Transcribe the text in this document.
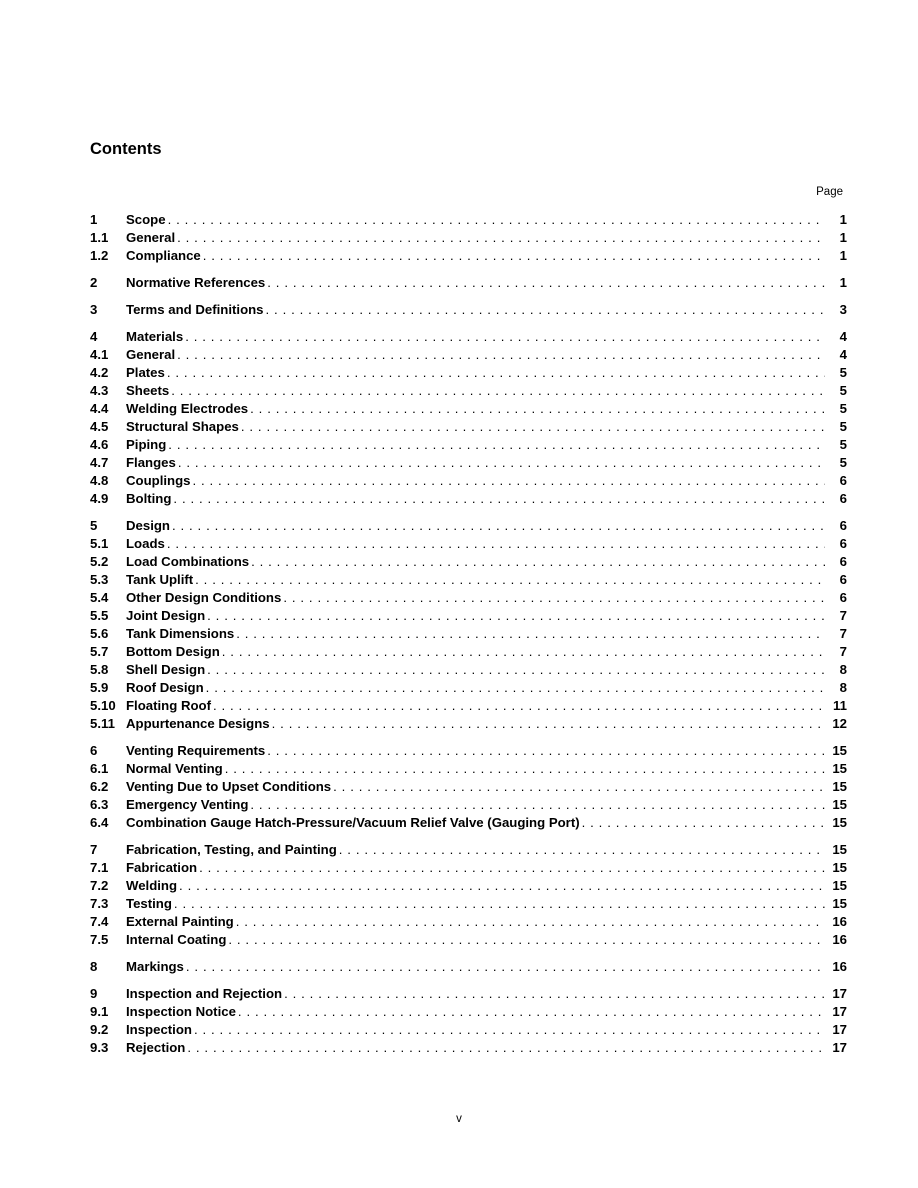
Contents
Page
1	Scope . . .	1
1.1	General . . .	1
1.2	Compliance . . .	1
2	Normative References . . .	1
3	Terms and Definitions . . .	3
4	Materials . . .	4
4.1	General . . .	4
4.2	Plates . . .	5
4.3	Sheets . . .	5
4.4	Welding Electrodes . . .	5
4.5	Structural Shapes . . .	5
4.6	Piping . . .	5
4.7	Flanges . . .	5
4.8	Couplings . . .	6
4.9	Bolting . . .	6
5	Design . . .	6
5.1	Loads . . .	6
5.2	Load Combinations . . .	6
5.3	Tank Uplift . . .	6
5.4	Other Design Conditions . . .	6
5.5	Joint Design . . .	7
5.6	Tank Dimensions . . .	7
5.7	Bottom Design . . .	7
5.8	Shell Design . . .	8
5.9	Roof Design . . .	8
5.10 Floating Roof . . .	11
5.11 Appurtenance Designs . . .	12
6	Venting Requirements . . .	15
6.1	Normal Venting . . .	15
6.2	Venting Due to Upset Conditions . . .	15
6.3	Emergency Venting . . .	15
6.4	Combination Gauge Hatch-Pressure/Vacuum Relief Valve (Gauging Port) . . .	15
7	Fabrication, Testing, and Painting . . .	15
7.1	Fabrication . . .	15
7.2	Welding . . .	15
7.3	Testing . . .	15
7.4	External Painting . . .	16
7.5	Internal Coating . . .	16
8	Markings . . .	16
9	Inspection and Rejection . . .	17
9.1	Inspection Notice . . .	17
9.2	Inspection . . .	17
9.3	Rejection . . .	17
v
